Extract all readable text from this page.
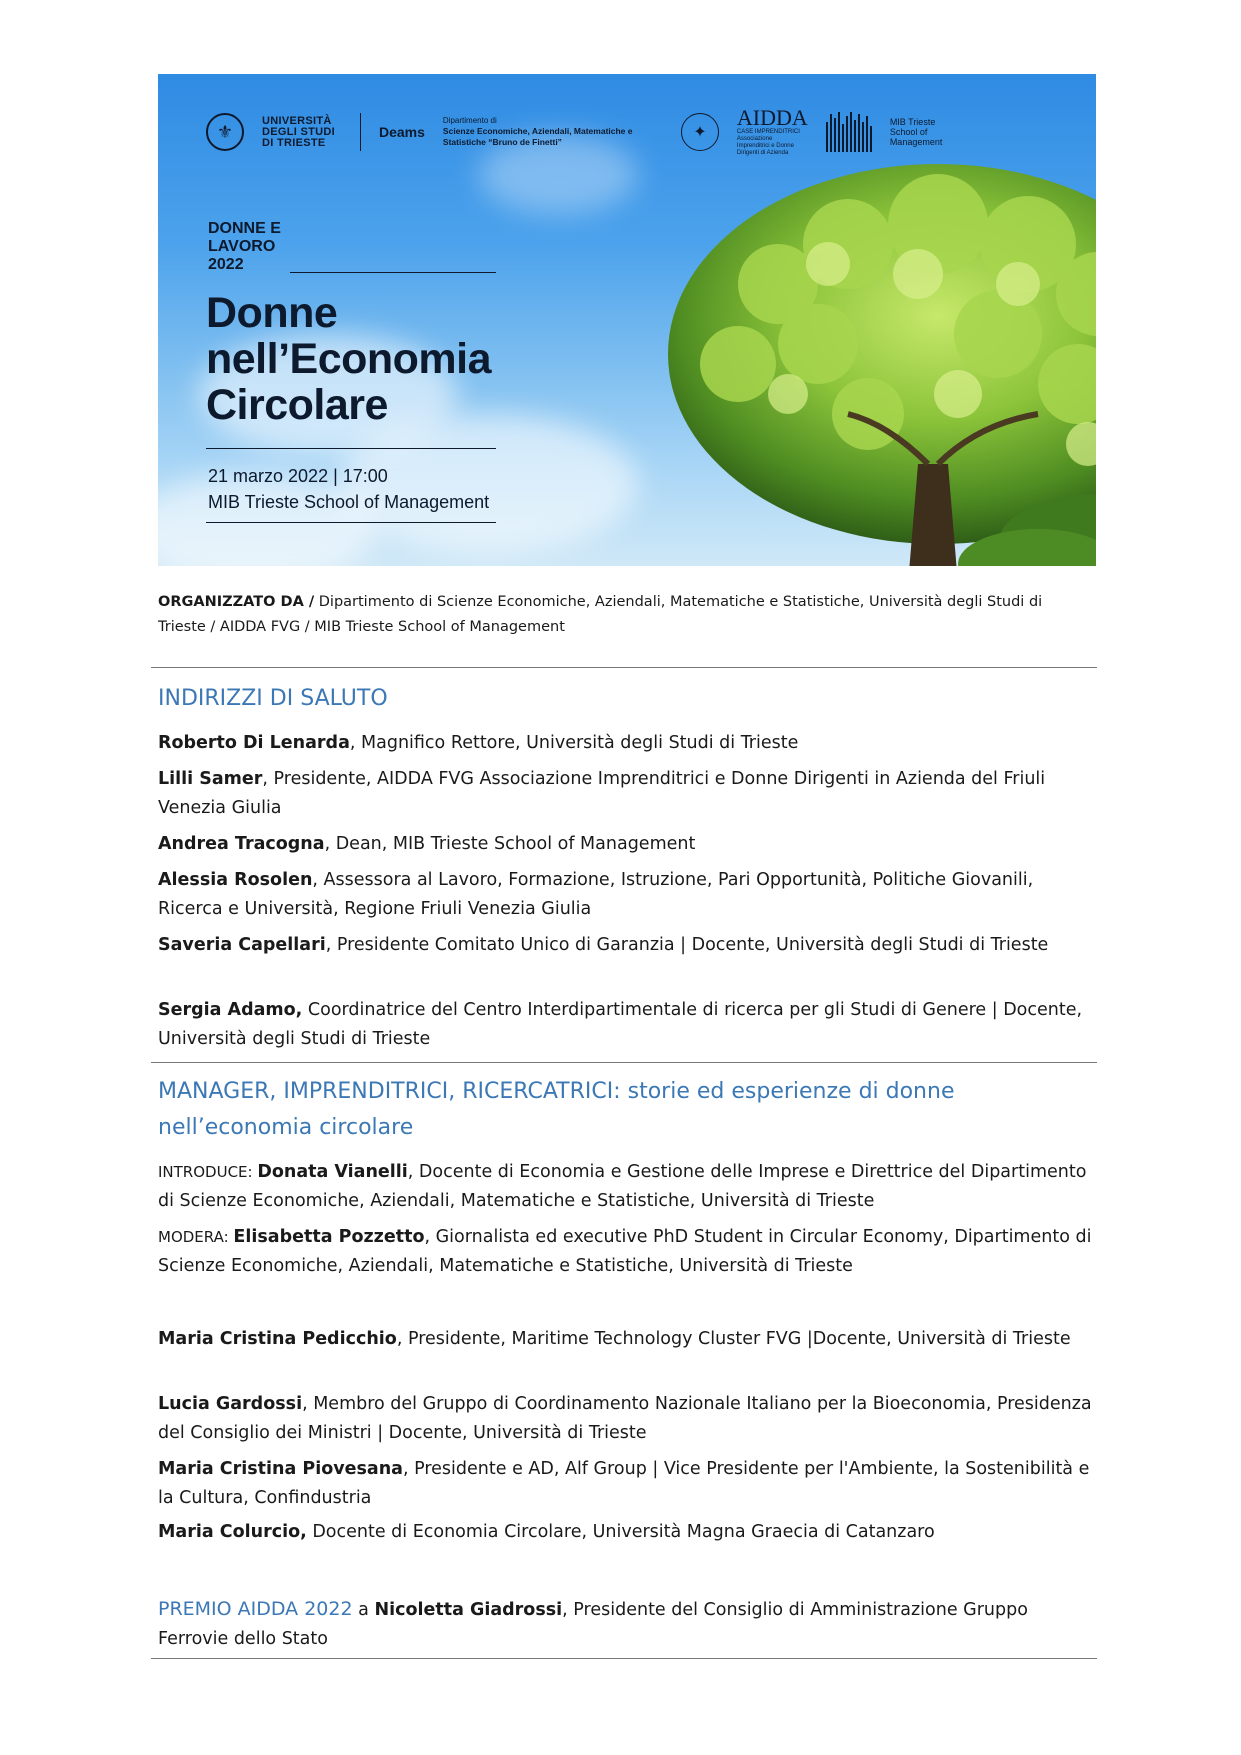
⚜
UNIVERSITÀ DEGLI STUDI DI TRIESTE
Deams
Dipartimento di
Scienze Economiche, Aziendali, Matematiche e Statistiche “Bruno de Finetti”
✦
AIDDA
CASE IMPRENDITRICI Associazione Imprenditrici e Donne Dirigenti di Azienda
MIB Trieste School of Management
DONNE E LAVORO 2022
Donne
nell’Economia
Circolare
21 marzo 2022 | 17:00
MIB Trieste School of Management
ORGANIZZATO DA / Dipartimento di Scienze Economiche, Aziendali, Matematiche e Statistiche, Università degli Studi di Trieste / AIDDA FVG / MIB Trieste School of Management
INDIRIZZI DI SALUTO
Roberto Di Lenarda, Magnifico Rettore, Università degli Studi di Trieste
Lilli Samer, Presidente, AIDDA FVG Associazione Imprenditrici e Donne Dirigenti in Azienda del Friuli Venezia Giulia
Andrea Tracogna, Dean, MIB Trieste School of Management
Alessia Rosolen, Assessora al Lavoro, Formazione, Istruzione, Pari Opportunità, Politiche Giovanili, Ricerca e Università, Regione Friuli Venezia Giulia
Saveria Capellari, Presidente Comitato Unico di Garanzia | Docente, Università degli Studi di Trieste
Sergia Adamo, Coordinatrice del Centro Interdipartimentale di ricerca per gli Studi di Genere | Docente, Università degli Studi di Trieste
MANAGER, IMPRENDITRICI, RICERCATRICI: storie ed esperienze di donne nell’economia circolare
INTRODUCE: Donata Vianelli, Docente di Economia e Gestione delle Imprese e Direttrice del Dipartimento di Scienze Economiche, Aziendali, Matematiche e Statistiche, Università di Trieste
MODERA: Elisabetta Pozzetto, Giornalista ed executive PhD Student in Circular Economy, Dipartimento di Scienze Economiche, Aziendali, Matematiche e Statistiche, Università di Trieste
Maria Cristina Pedicchio, Presidente, Maritime Technology Cluster FVG |Docente, Università di Trieste
Lucia Gardossi, Membro del Gruppo di Coordinamento Nazionale Italiano per la Bioeconomia, Presidenza del Consiglio dei Ministri | Docente, Università di Trieste
Maria Cristina Piovesana, Presidente e AD, Alf Group | Vice Presidente per l'Ambiente, la Sostenibilità e la Cultura, Confindustria
Maria Colurcio, Docente di Economia Circolare, Università Magna Graecia di Catanzaro
PREMIO AIDDA 2022 a Nicoletta Giadrossi, Presidente del Consiglio di Amministrazione Gruppo Ferrovie dello Stato
